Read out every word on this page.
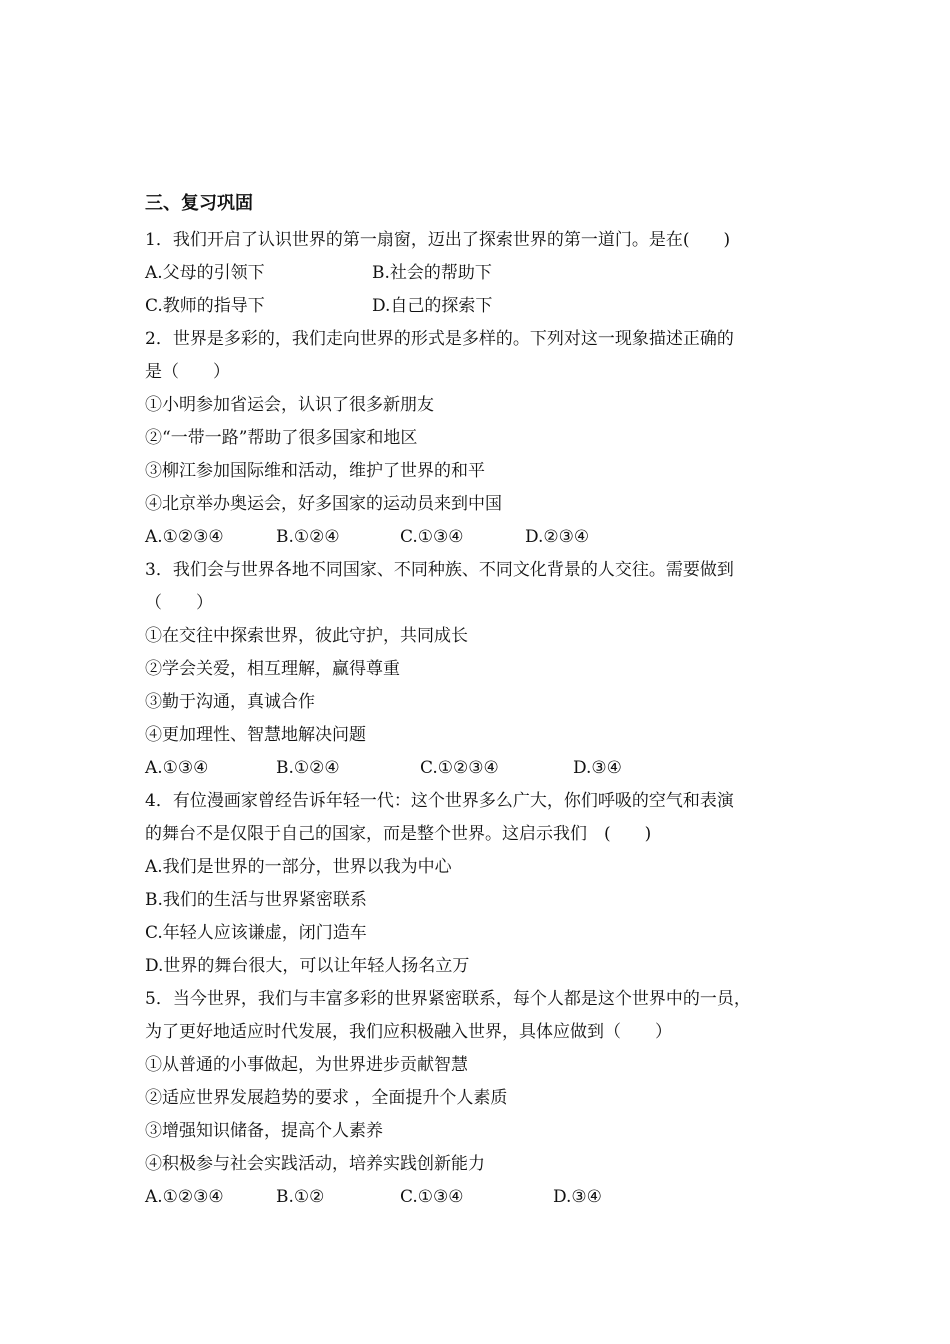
三、复习巩固
1．我们开启了认识世界的第一扇窗，迈出了探索世界的第一道门。是在(　　)
A.父母的引领下	B.社会的帮助下
C.教师的指导下	D.自己的探索下
2．世界是多彩的，我们走向世界的形式是多样的。下列对这一现象描述正确的
是（　　）
①小明参加省运会，认识了很多新朋友
②“一带一路”帮助了很多国家和地区
③柳江参加国际维和活动，维护了世界的和平
④北京举办奥运会，好多国家的运动员来到中国
A.①②③④	B.①②④	C.①③④	D.②③④
3．我们会与世界各地不同国家、不同种族、不同文化背景的人交往。需要做到
（　　）
①在交往中探索世界，彼此守护，共同成长
②学会关爱，相互理解，赢得尊重
③勤于沟通，真诚合作
④更加理性、智慧地解决问题
A.①③④	B.①②④	C.①②③④	D.③④
4．有位漫画家曾经告诉年轻一代：这个世界多么广大，你们呼吸的空气和表演
的舞台不是仅限于自己的国家，而是整个世界。这启示我们　(　　)
A.我们是世界的一部分，世界以我为中心
B.我们的生活与世界紧密联系
C.年轻人应该谦虚，闭门造车
D.世界的舞台很大，可以让年轻人扬名立万
5．当今世界，我们与丰富多彩的世界紧密联系，每个人都是这个世界中的一员，
为了更好地适应时代发展，我们应积极融入世界，具体应做到（　　）
①从普通的小事做起，为世界进步贡献智慧
②适应世界发展趋势的要求 ，全面提升个人素质
③增强知识储备，提高个人素养
④积极参与社会实践活动，培养实践创新能力
A.①②③④	B.①②	C.①③④	D.③④
